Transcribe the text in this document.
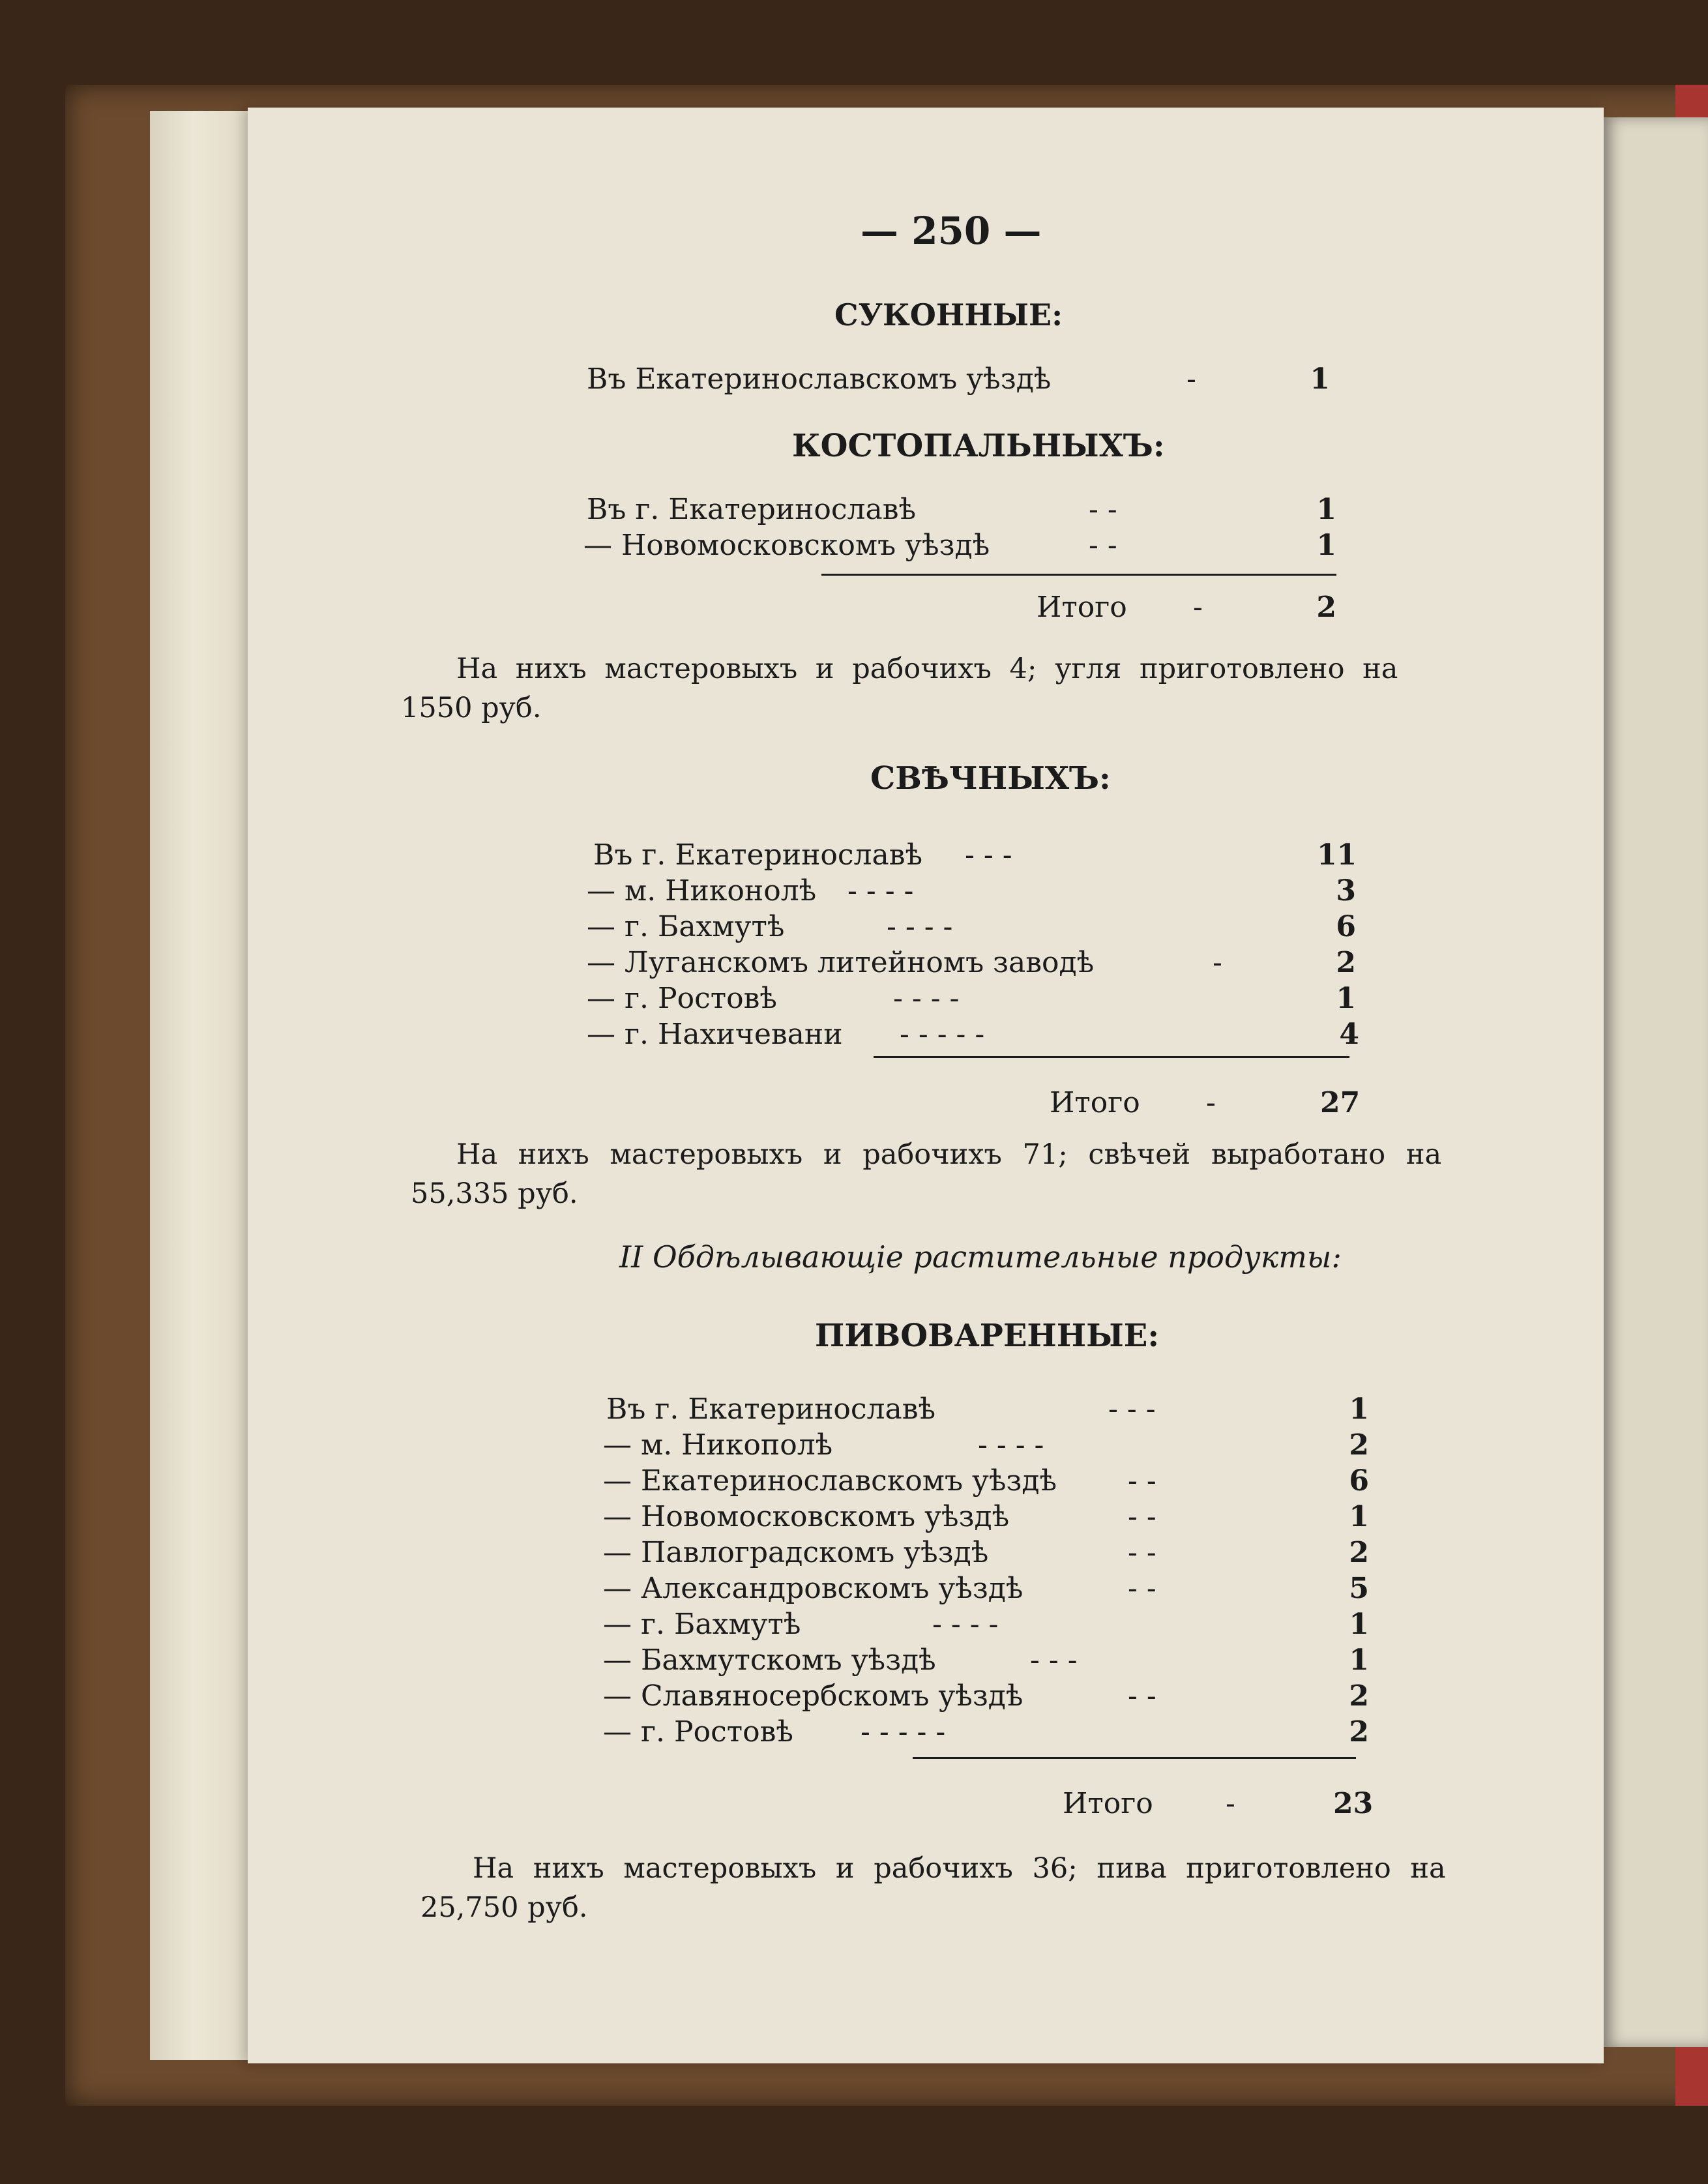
— 250 —
СУКОННЫЕ:
Въ Екатеринославскомъ уѣздѣ	-	1
КОСТОПАЛЬНЫХЪ:
Въ г. Екатеринославѣ	- -	1
— Новомосковскомъ уѣздѣ	- -	1
Итого -	2
На нихъ мастеровыхъ и рабочихъ 4; угля приготовлено на
1550 руб.
СВѢЧНЫХЪ:
Въ г. Екатеринославѣ - - -	11
— м. Никонолѣ - - - -	3
— г. Бахмутѣ	- - - -	6
— Луганскомъ литейномъ заводѣ	-	2
— г. Ростовѣ	- - - -	1
— г. Нахичевани - - - - -	4
Итого -	27
На нихъ мастеровыхъ и рабочихъ 71; свѣчей выработано на
55,335 руб.
II Обдѣлывающіе растительные продукты:
ПИВОВАРЕННЫЕ:
Въ г. Екатеринославѣ	- - -	1
— м. Никополѣ	- - - -	2
— Екатеринославскомъ уѣздѣ - -	6
— Новомосковскомъ уѣздѣ	- -	1
— Павлоградскомъ уѣздѣ	- -	2
— Александровскомъ уѣздѣ	- -	5
— г. Бахмутѣ	- - - -	1
— Бахмутскомъ уѣздѣ	- - -	1
— Славяносербскомъ уѣздѣ	- -	2
— г. Ростовѣ - - - - -	2
Итого	-	23
На нихъ мастеровыхъ и рабочихъ 36; пива приготовлено на
25,750 руб.
